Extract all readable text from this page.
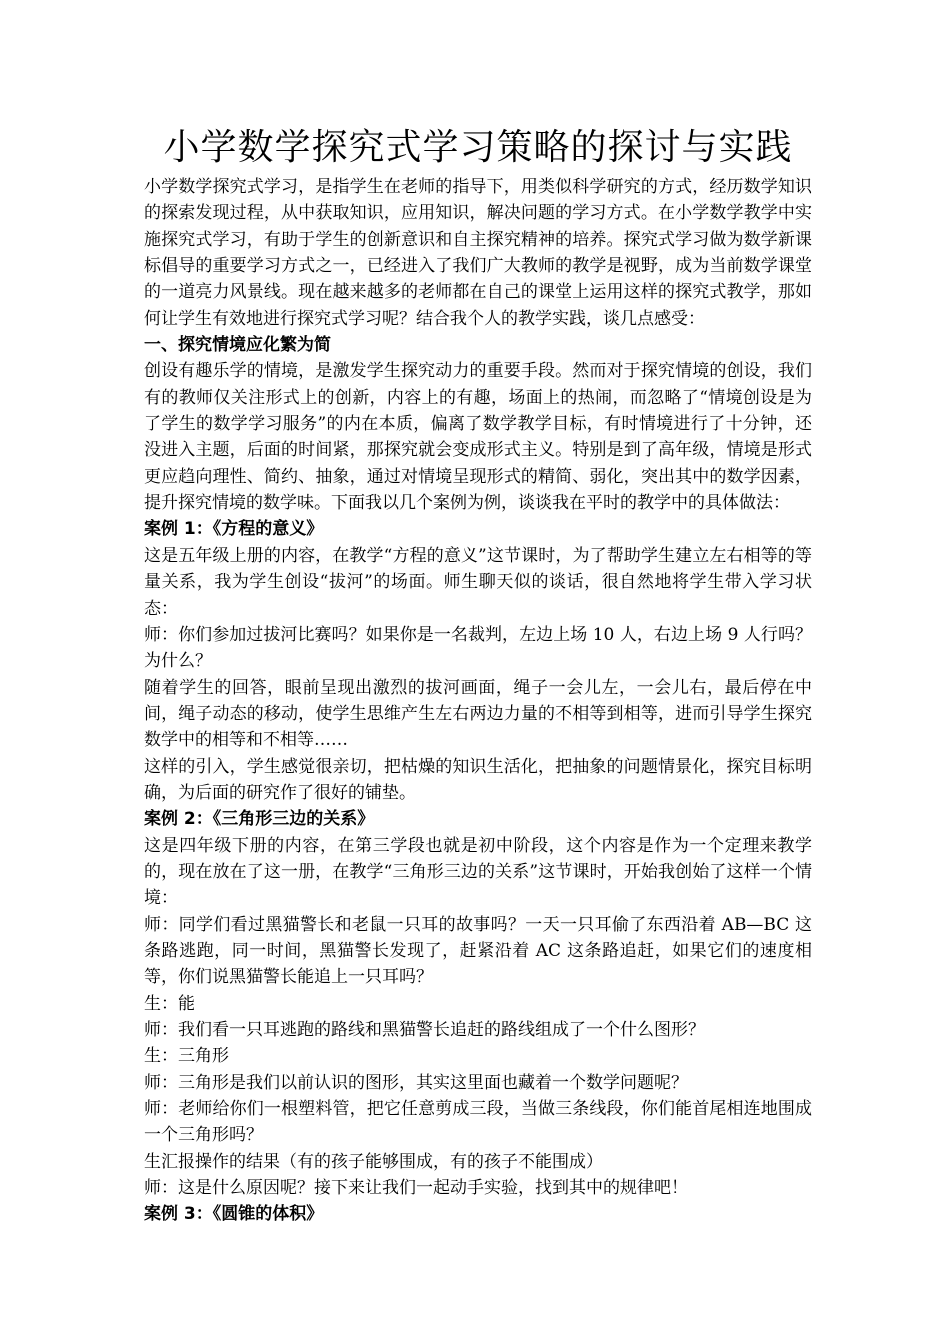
小学数学探究式学习策略的探讨与实践

小学数学探究式学习，是指学生在老师的指导下，用类似科学研究的方式，经历数学知识的探索发现过程，从中获取知识，应用知识，解决问题的学习方式。在小学数学教学中实施探究式学习，有助于学生的创新意识和自主探究精神的培养。探究式学习做为数学新课标倡导的重要学习方式之一，已经进入了我们广大教师的教学是视野，成为当前数学课堂的一道亮力风景线。现在越来越多的老师都在自己的课堂上运用这样的探究式教学，那如何让学生有效地进行探究式学习呢？结合我个人的教学实践，谈几点感受：

一、探究情境应化繁为简

创设有趣乐学的情境，是激发学生探究动力的重要手段。然而对于探究情境的创设，我们有的教师仅关注形式上的创新，内容上的有趣，场面上的热闹，而忽略了“情境创设是为了学生的数学学习服务”的内在本质，偏离了数学教学目标，有时情境进行了十分钟，还没进入主题，后面的时间紧，那探究就会变成形式主义。特别是到了高年级，情境是形式更应趋向理性、简约、抽象，通过对情境呈现形式的精简、弱化，突出其中的数学因素，提升探究情境的数学味。下面我以几个案例为例，谈谈我在平时的教学中的具体做法：

案例 1：《方程的意义》

这是五年级上册的内容，在教学“方程的意义”这节课时，为了帮助学生建立左右相等的等量关系，我为学生创设“拔河”的场面。师生聊天似的谈话，很自然地将学生带入学习状态：

师：你们参加过拔河比赛吗？如果你是一名裁判，左边上场 10 人，右边上场 9 人行吗？为什么？

随着学生的回答，眼前呈现出激烈的拔河画面，绳子一会儿左，一会儿右，最后停在中间，绳子动态的移动，使学生思维产生左右两边力量的不相等到相等，进而引导学生探究数学中的相等和不相等……

这样的引入，学生感觉很亲切，把枯燥的知识生活化，把抽象的问题情景化，探究目标明确，为后面的研究作了很好的铺垫。

案例 2：《三角形三边的关系》

这是四年级下册的内容，在第三学段也就是初中阶段，这个内容是作为一个定理来教学的，现在放在了这一册，在教学“三角形三边的关系”这节课时，开始我创始了这样一个情境：

师：同学们看过黑猫警长和老鼠一只耳的故事吗？一天一只耳偷了东西沿着 AB—BC 这条路逃跑，同一时间，黑猫警长发现了，赶紧沿着 AC 这条路追赶，如果它们的速度相等，你们说黑猫警长能追上一只耳吗？

生：能

师：我们看一只耳逃跑的路线和黑猫警长追赶的路线组成了一个什么图形？

生：三角形

师：三角形是我们以前认识的图形，其实这里面也藏着一个数学问题呢？

师：老师给你们一根塑料管，把它任意剪成三段，当做三条线段，你们能首尾相连地围成一个三角形吗？

生汇报操作的结果（有的孩子能够围成，有的孩子不能围成）

师：这是什么原因呢？接下来让我们一起动手实验，找到其中的规律吧！

案例 3：《圆锥的体积》
